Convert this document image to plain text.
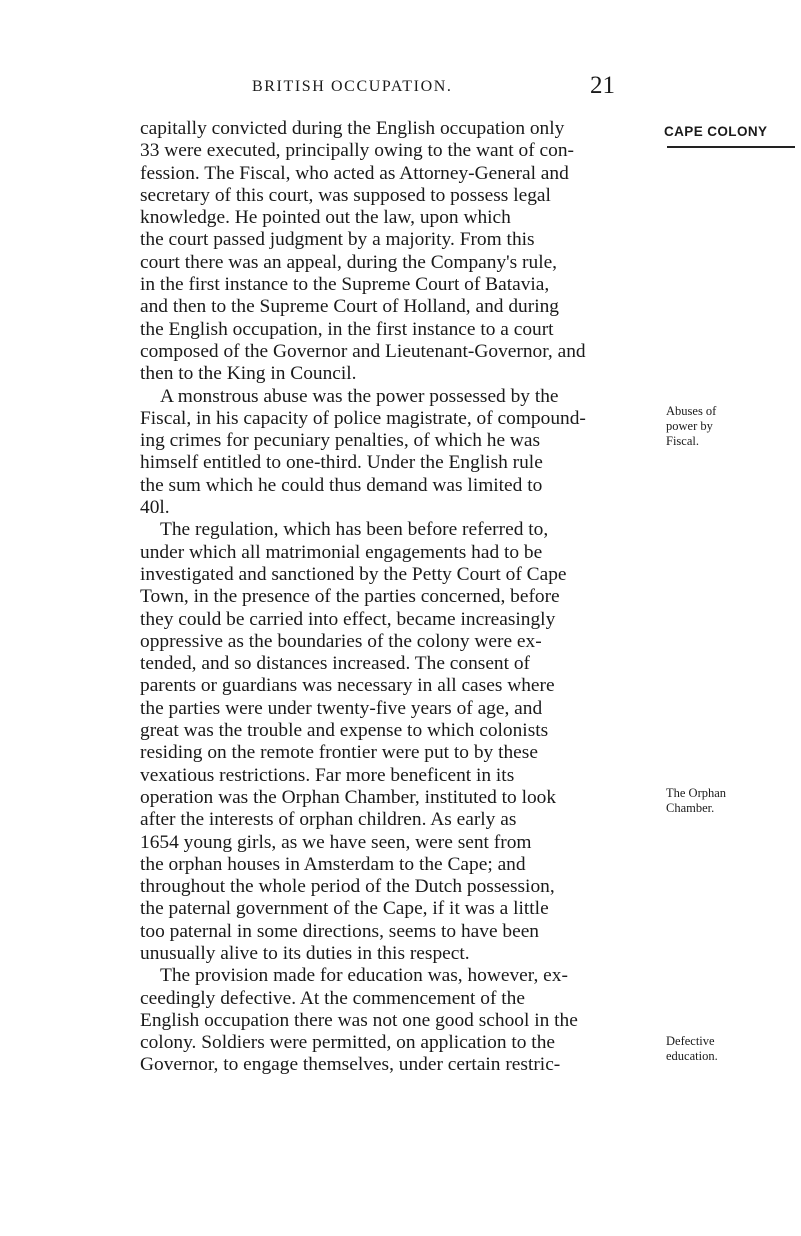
BRITISH OCCUPATION.	21
CAPE COLONY
capitally convicted during the English occupation only
33 were executed, principally owing to the want of con-
fession. The Fiscal, who acted as Attorney-General and
secretary of this court, was supposed to possess legal
knowledge. He pointed out the law, upon which
the court passed judgment by a majority. From this
court there was an appeal, during the Company's rule,
in the first instance to the Supreme Court of Batavia,
and then to the Supreme Court of Holland, and during
the English occupation, in the first instance to a court
composed of the Governor and Lieutenant-Governor, and
then to the King in Council.
A monstrous abuse was the power possessed by the
Fiscal, in his capacity of police magistrate, of compound-
ing crimes for pecuniary penalties, of which he was
himself entitled to one-third. Under the English rule
the sum which he could thus demand was limited to
40l.
The regulation, which has been before referred to,
under which all matrimonial engagements had to be
investigated and sanctioned by the Petty Court of Cape
Town, in the presence of the parties concerned, before
they could be carried into effect, became increasingly
oppressive as the boundaries of the colony were ex-
tended, and so distances increased. The consent of
parents or guardians was necessary in all cases where
the parties were under twenty-five years of age, and
great was the trouble and expense to which colonists
residing on the remote frontier were put to by these
vexatious restrictions. Far more beneficent in its
operation was the Orphan Chamber, instituted to look
after the interests of orphan children. As early as
1654 young girls, as we have seen, were sent from
the orphan houses in Amsterdam to the Cape; and
throughout the whole period of the Dutch possession,
the paternal government of the Cape, if it was a little
too paternal in some directions, seems to have been
unusually alive to its duties in this respect.
The provision made for education was, however, ex-
ceedingly defective. At the commencement of the
English occupation there was not one good school in the
colony. Soldiers were permitted, on application to the
Governor, to engage themselves, under certain restric-
Abuses of
power by
Fiscal.
The Orphan
Chamber.
Defective
education.
